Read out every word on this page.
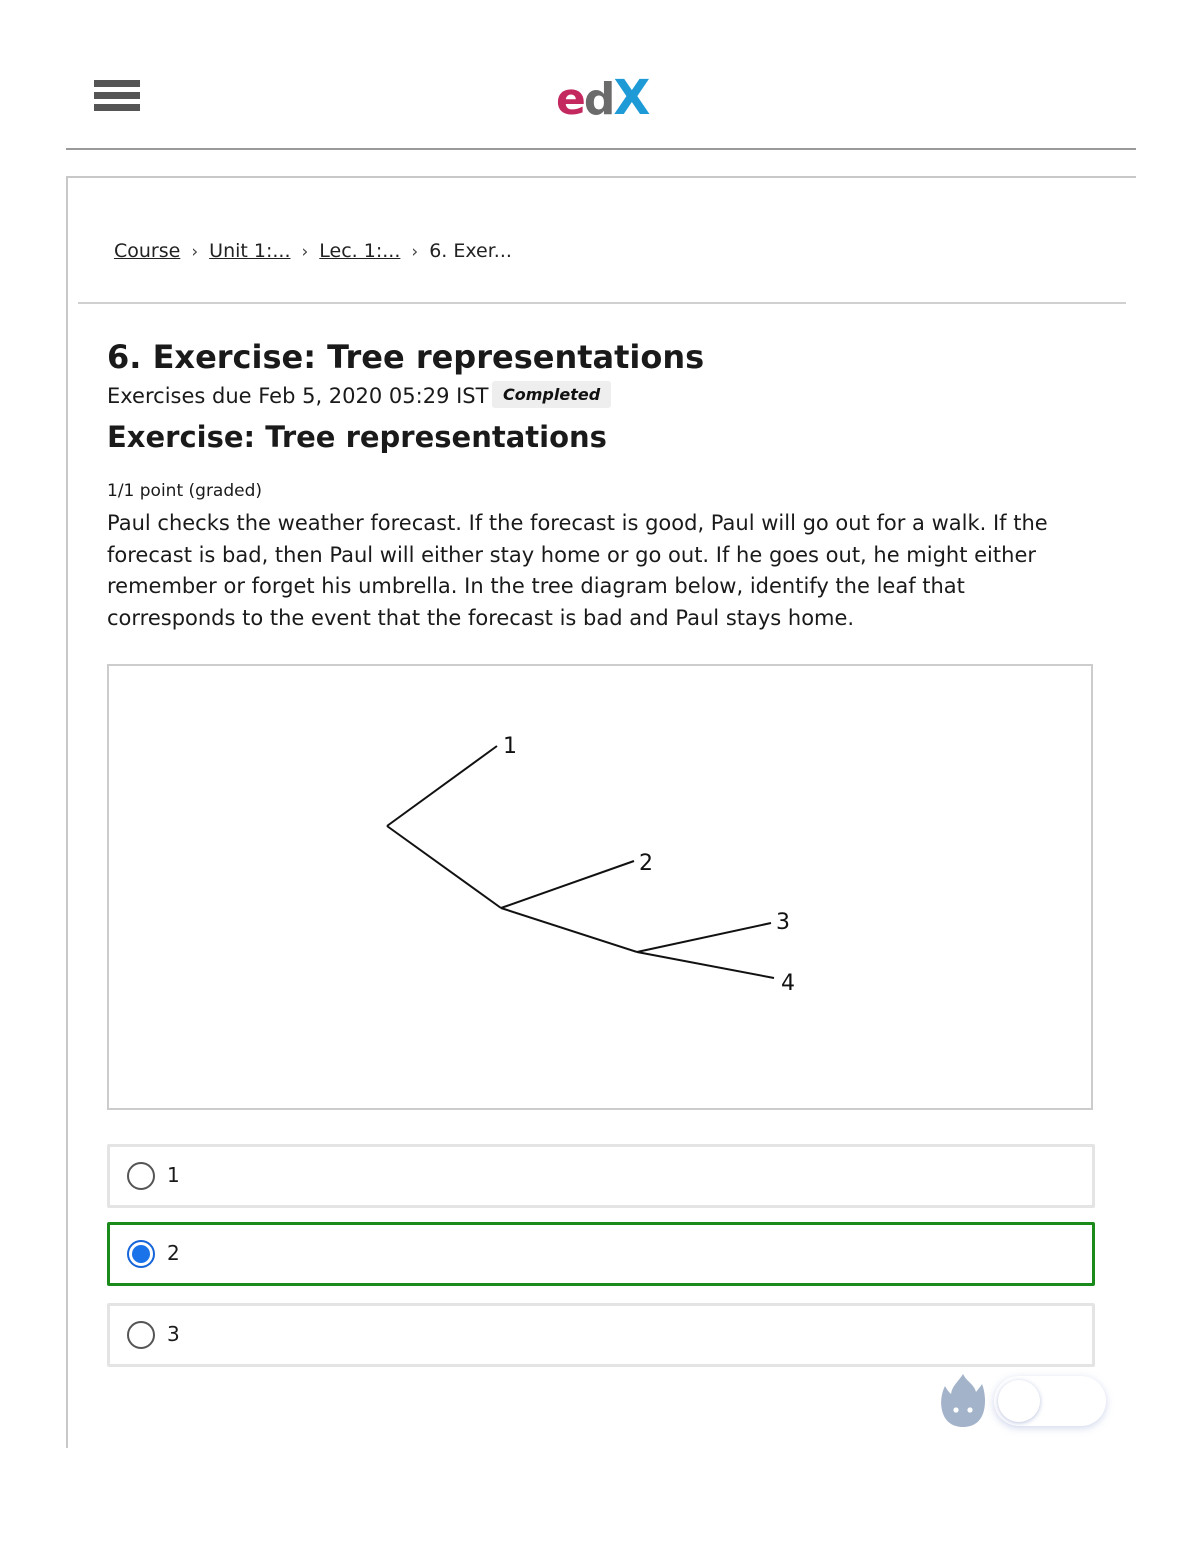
edX
Course › Unit 1:... › Lec. 1:... › 6. Exer...
6. Exercise: Tree representations
Exercises due Feb 5, 2020 05:29 IST Completed
Exercise: Tree representations
1/1 point (graded)

Paul checks the weather forecast. If the forecast is good, Paul will go out for a walk. If the forecast is bad, then Paul will either stay home or go out. If he goes out, he might either remember or forget his umbrella. In the tree diagram below, identify the leaf that corresponds to the event that the forecast is bad and Paul stays home.

1
2
3
4
1
2
3
